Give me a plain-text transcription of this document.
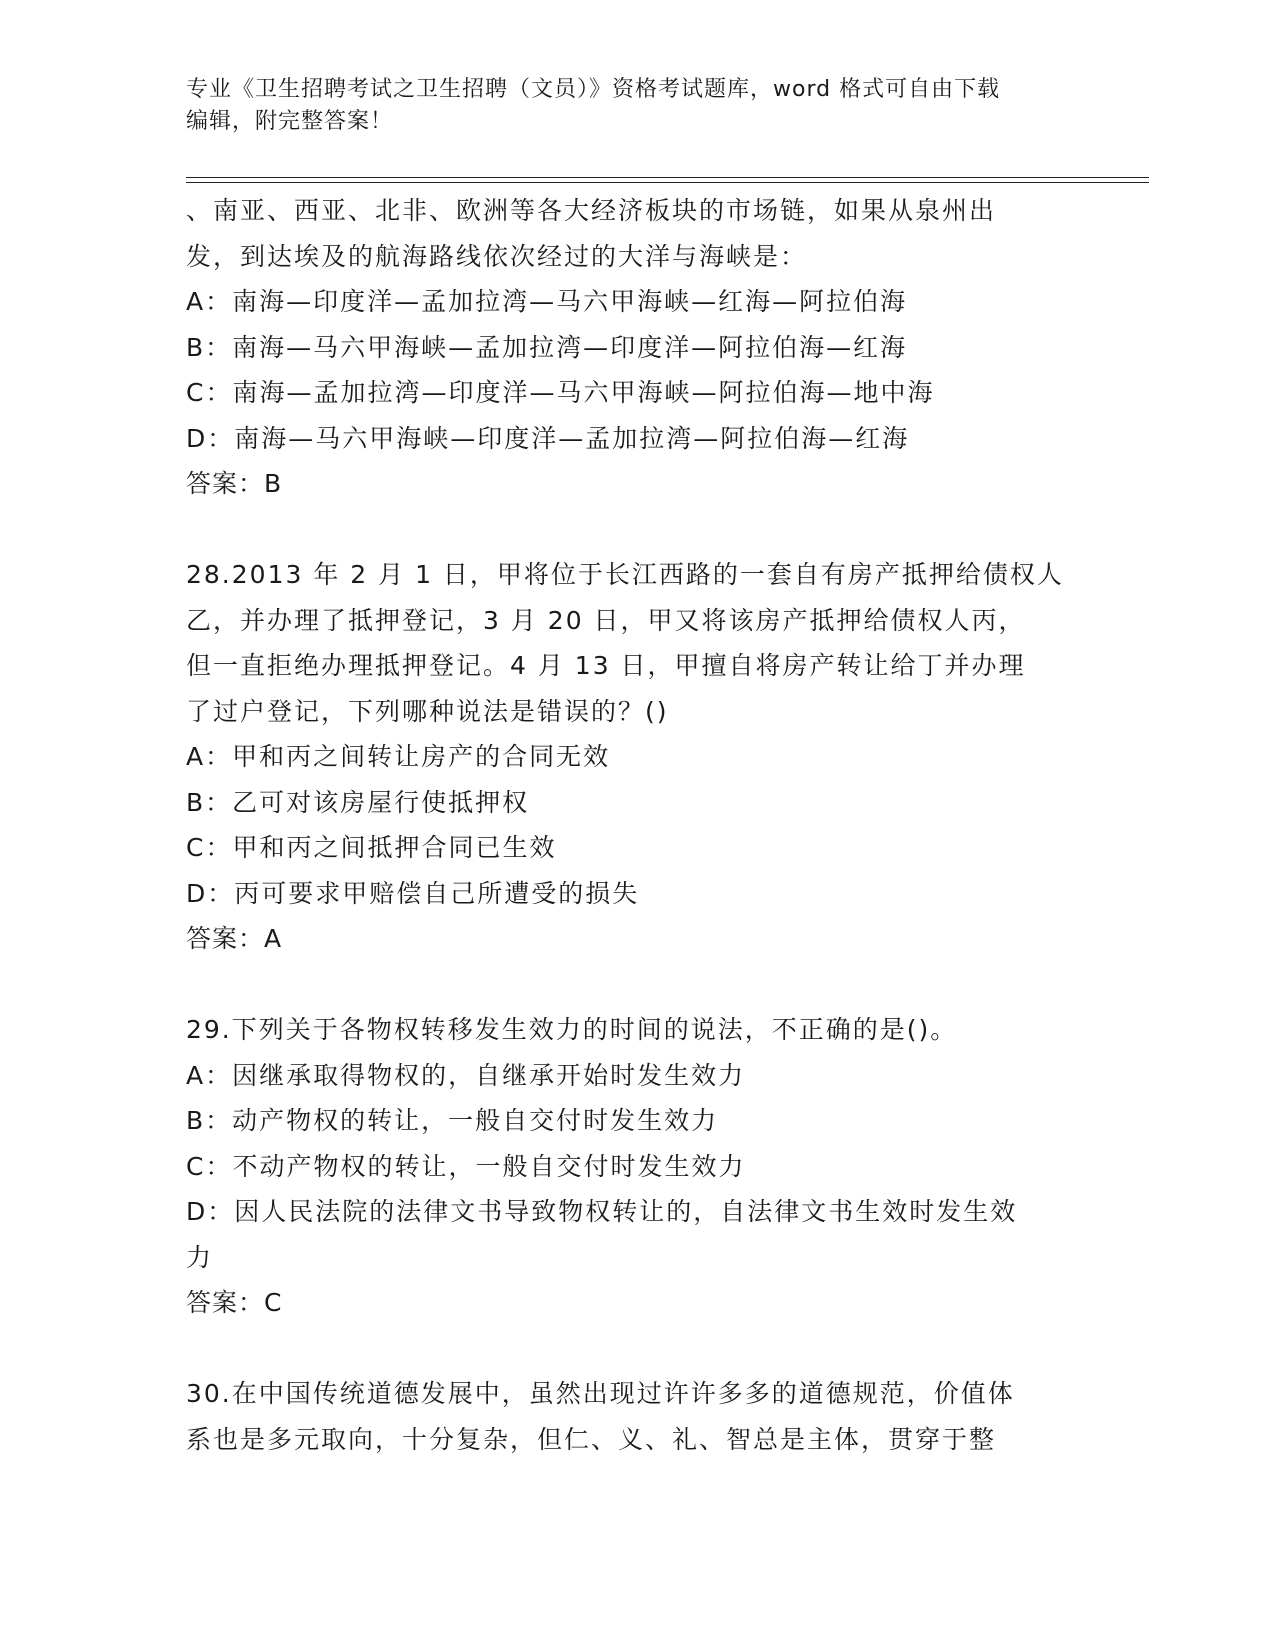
专业《卫生招聘考试之卫生招聘（文员）》资格考试题库，word 格式可自由下载
编辑，附完整答案！
、南亚、西亚、北非、欧洲等各大经济板块的市场链，如果从泉州出
发，到达埃及的航海路线依次经过的大洋与海峡是：
A：南海—印度洋—孟加拉湾—马六甲海峡—红海—阿拉伯海
B：南海—马六甲海峡—孟加拉湾—印度洋—阿拉伯海—红海
C：南海—孟加拉湾—印度洋—马六甲海峡—阿拉伯海—地中海
D：南海—马六甲海峡—印度洋—孟加拉湾—阿拉伯海—红海
答案：B
28.2013 年 2 月 1 日，甲将位于长江西路的一套自有房产抵押给债权人
乙，并办理了抵押登记，3 月 20 日，甲又将该房产抵押给债权人丙，
但一直拒绝办理抵押登记。4 月 13 日，甲擅自将房产转让给丁并办理
了过户登记，下列哪种说法是错误的？()
A：甲和丙之间转让房产的合同无效
B：乙可对该房屋行使抵押权
C：甲和丙之间抵押合同已生效
D：丙可要求甲赔偿自己所遭受的损失
答案：A
29.下列关于各物权转移发生效力的时间的说法，不正确的是()。
A：因继承取得物权的，自继承开始时发生效力
B：动产物权的转让，一般自交付时发生效力
C：不动产物权的转让，一般自交付时发生效力
D：因人民法院的法律文书导致物权转让的，自法律文书生效时发生效
力
答案：C
30.在中国传统道德发展中，虽然出现过许许多多的道德规范，价值体
系也是多元取向，十分复杂，但仁、义、礼、智总是主体，贯穿于整
